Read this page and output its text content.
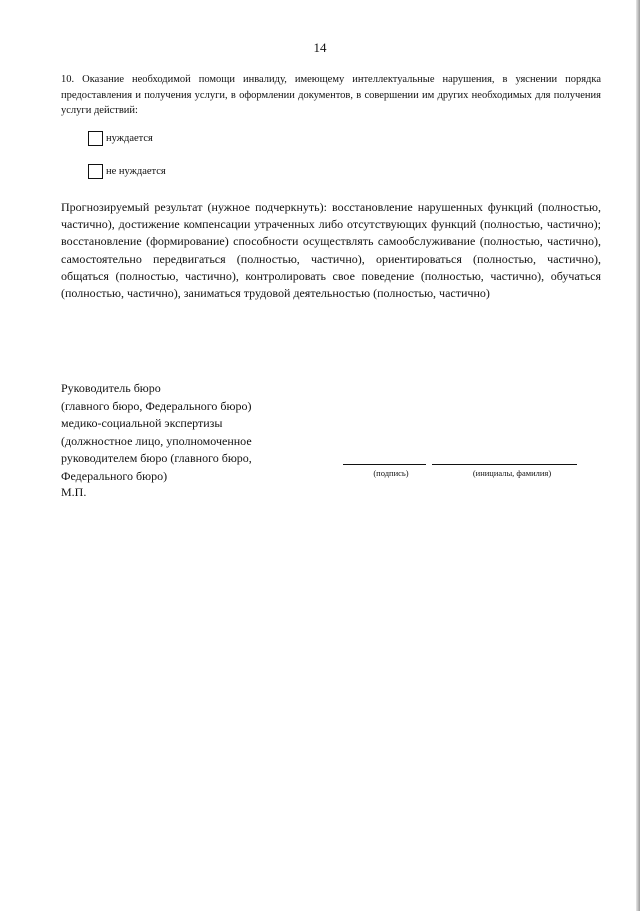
14

10. Оказание необходимой помощи инвалиду, имеющему интеллектуальные нарушения, в уяснении порядка предоставления и получения услуги, в оформлении документов, в совершении им других необходимых для получения услуги действий:

нуждается
не нуждается

Прогнозируемый результат (нужное подчеркнуть): восстановление нарушенных функций (полностью, частично), достижение компенсации утраченных либо отсутствующих функций (полностью, частично); восстановление (формирование) способности осуществлять самообслуживание (полностью, частично), самостоятельно передвигаться (полностью, частично), ориентироваться (полностью, частично), общаться (полностью, частично), контролировать свое поведение (полностью, частично), обучаться (полностью, частично), заниматься трудовой деятельностью (полностью, частично)

Руководитель бюро
(главного бюро, Федерального бюро)
медико-социальной экспертизы
(должностное лицо, уполномоченное
руководителем бюро (главного бюро,
Федерального бюро)	(подпись)	(инициалы, фамилия)
М.П.
